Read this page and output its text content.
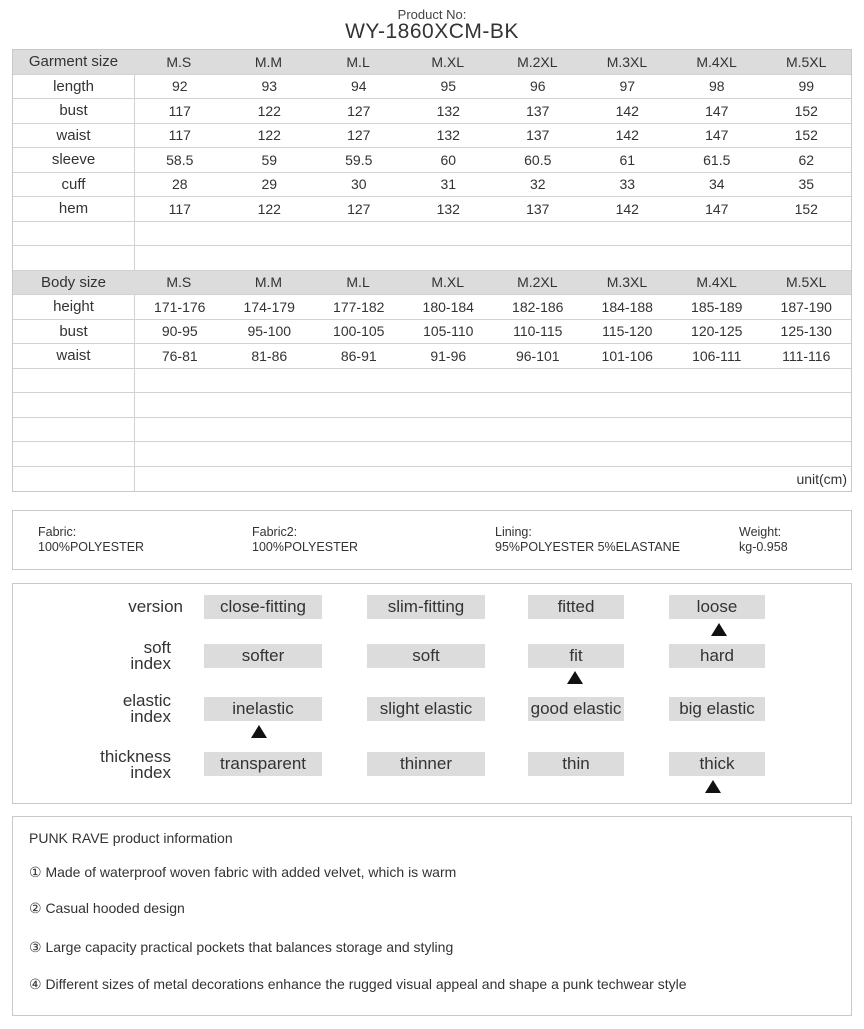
Product No:
WY-1860XCM-BK
Garment size	M.S	M.M	M.L	M.XL	M.2XL	M.3XL	M.4XL	M.5XL
length	92	93	94	95	96	97	98	99
bust	117	122	127	132	137	142	147	152
waist	117	122	127	132	137	142	147	152
sleeve	58.5	59	59.5	60	60.5	61	61.5	62
cuff	28	29	30	31	32	33	34	35
hem	117	122	127	132	137	142	147	152
Body size	M.S	M.M	M.L	M.XL	M.2XL	M.3XL	M.4XL	M.5XL
height	171-176	174-179	177-182	180-184	182-186	184-188	185-189	187-190
bust	90-95	95-100	100-105	105-110	110-115	115-120	120-125	125-130
waist	76-81	81-86	86-91	91-96	96-101	101-106	106-111	111-116
unit(cm)
Fabric:
100%POLYESTER
Fabric2:
100%POLYESTER
Lining:
95%POLYESTER 5%ELASTANE
Weight:
kg-0.958
version	close-fitting	slim-fitting	fitted	loose
soft index	softer	soft	fit	hard
elastic index	inelastic	slight elastic	good elastic	big elastic
thickness index	transparent	thinner	thin	thick
PUNK RAVE product information
① Made of waterproof woven fabric with added velvet, which is warm
② Casual hooded design
③ Large capacity practical pockets that balances storage and styling
④ Different sizes of metal decorations enhance the rugged visual appeal and shape a punk techwear style
